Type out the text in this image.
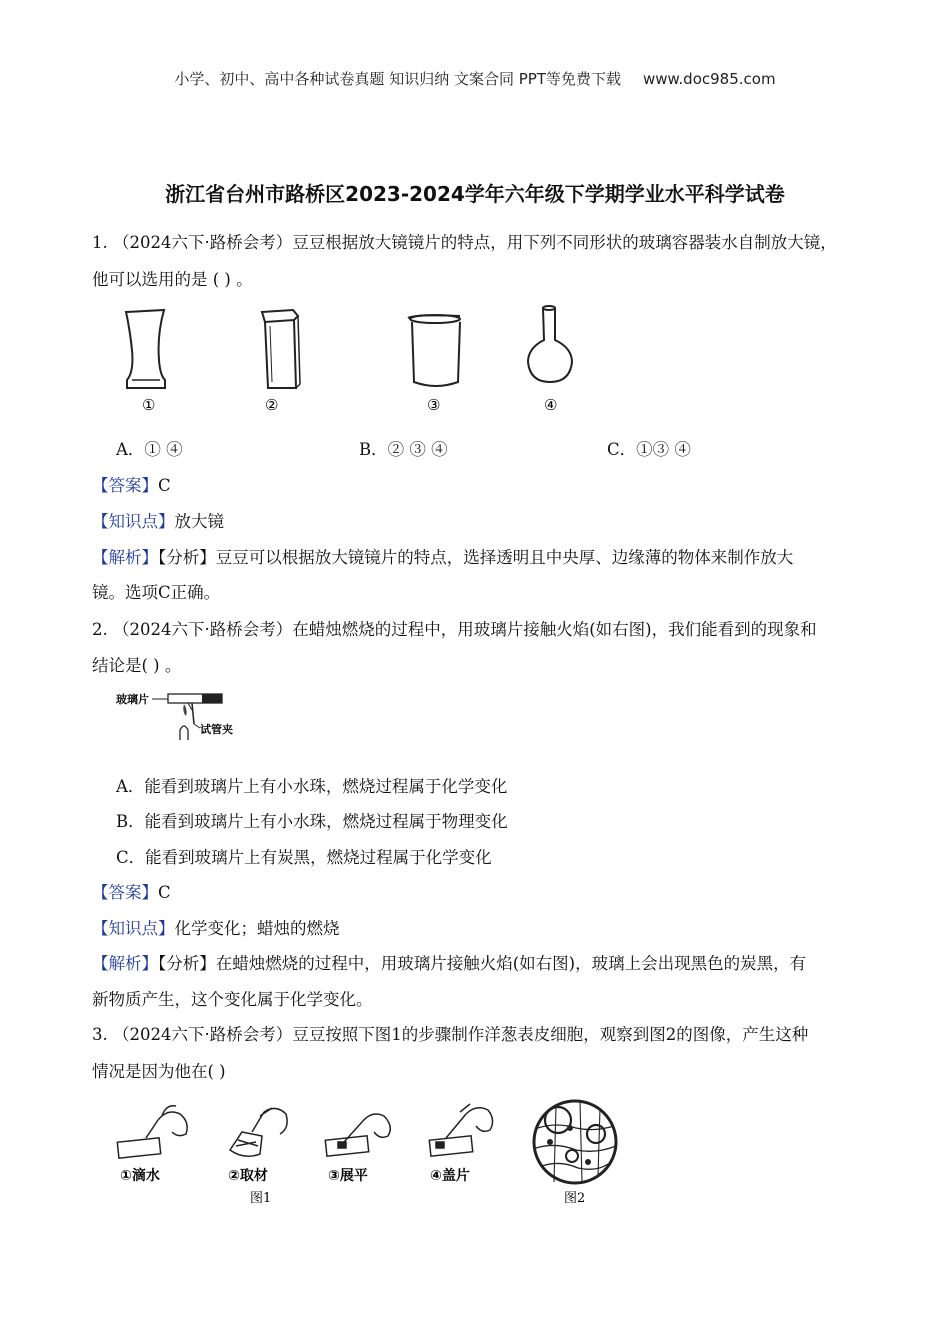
小学、初中、高中各种试卷真题 知识归纳 文案合同 PPT等免费下载 www.doc985.com
浙江省台州市路桥区2023-2024学年六年级下学期学业水平科学试卷
1. （2024六下·路桥会考）豆豆根据放大镜镜片的特点，用下列不同形状的玻璃容器装水自制放大镜，
他可以选用的是 ( ) 。
①	②	③	④
A．① ④	B．② ③ ④	C．①③ ④
【答案】C
【知识点】放大镜
【解析】【分析】豆豆可以根据放大镜镜片的特点，选择透明且中央厚、边缘薄的物体来制作放大
镜。选项C正确。
2. （2024六下·路桥会考）在蜡烛燃烧的过程中，用玻璃片接触火焰(如右图)，我们能看到的现象和
结论是( ) 。
玻璃片
试管夹
A．能看到玻璃片上有小水珠，燃烧过程属于化学变化
B．能看到玻璃片上有小水珠，燃烧过程属于物理变化
C．能看到玻璃片上有炭黑，燃烧过程属于化学变化
【答案】C
【知识点】化学变化；蜡烛的燃烧
【解析】【分析】在蜡烛燃烧的过程中，用玻璃片接触火焰(如右图)，玻璃上会出现黑色的炭黑，有
新物质产生，这个变化属于化学变化。
3. （2024六下·路桥会考）豆豆按照下图1的步骤制作洋葱表皮细胞，观察到图2的图像，产生这种
情况是因为他在( )
①滴水	②取材	③展平	④盖片
图1	图2
